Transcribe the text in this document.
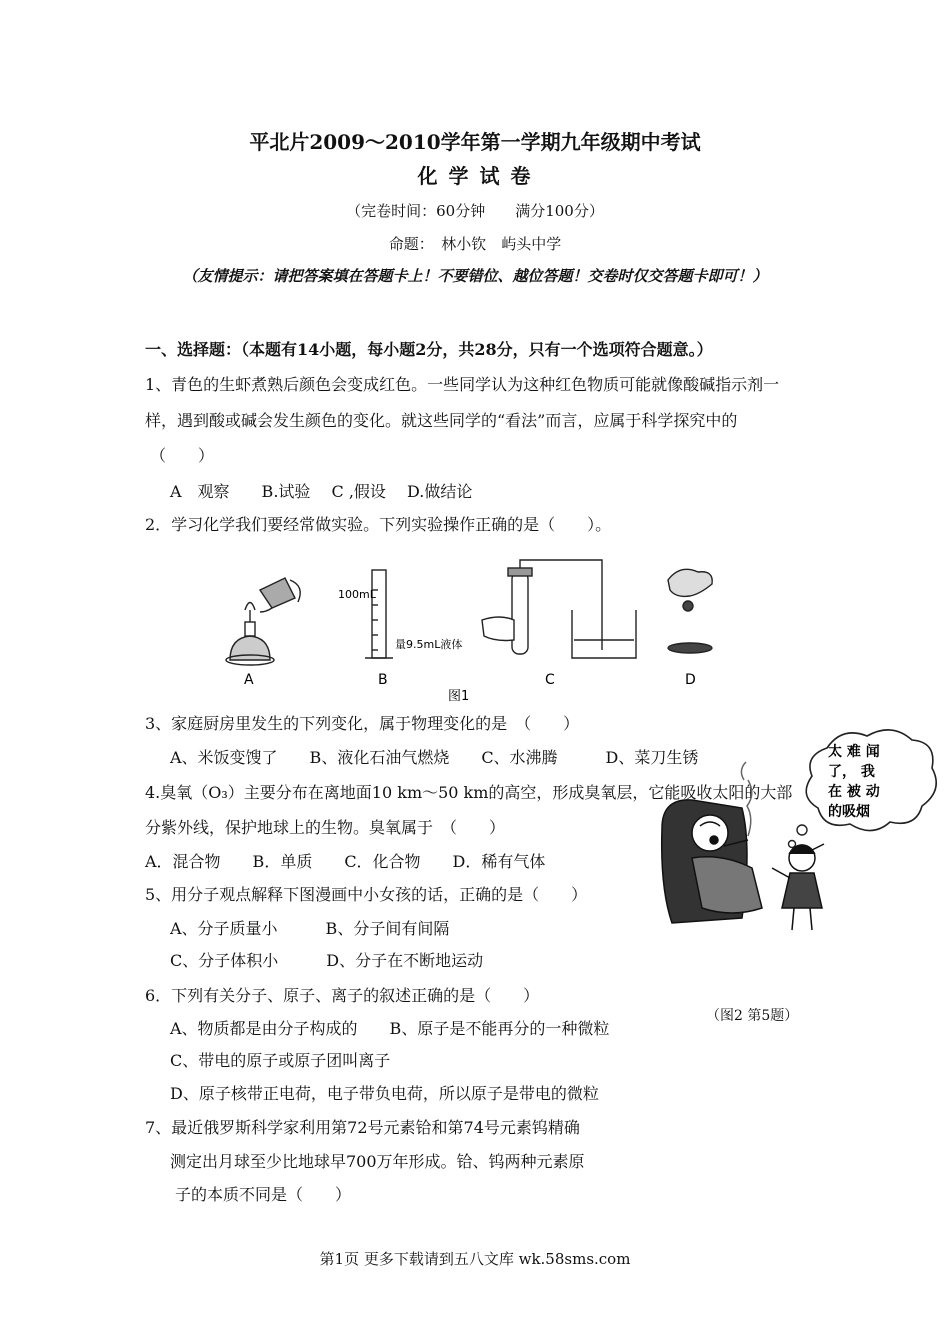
平北片2009～2010学年第一学期九年级期中考试
化 学 试 卷
（完卷时间：60分钟　　满分100分）
命题：　林小钦　屿头中学
（友情提示：请把答案填在答题卡上！不要错位、越位答题！交卷时仅交答题卡即可！）
一、选择题：（本题有14小题，每小题2分，共28分，只有一个选项符合题意。）
1、青色的生虾煮熟后颜色会变成红色。一些同学认为这种红色物质可能就像酸碱指示剂一
样，遇到酸或碱会发生颜色的变化。就这些同学的“看法”而言，应属于科学探究中的
（　　）
A　观察　　B.试验　 C ,假设　 D.做结论
2．学习化学我们要经常做实验。下列实验操作正确的是（　　）。
A
100mL
量9.5mL液体
B	C	D
图1
3、家庭厨房里发生的下列变化，属于物理变化的是　（　　）
A、米饭变馊了　　B、液化石油气燃烧　　C、水沸腾　　　D、菜刀生锈
4.臭氧（O₃）主要分布在离地面10 km～50 km的高空，形成臭氧层，它能吸收太阳的大部
分紫外线，保护地球上的生物。臭氧属于　（　　）
A．混合物　　B．单质　　C．化合物　　D．稀有气体
5、用分子观点解释下图漫画中小女孩的话，正确的是（　　）
A、分子质量小　　　B、分子间有间隔
C、分子体积小　　　D、分子在不断地运动
太 难 闻
了， 我
在 被 动
的吸烟
（图2 第5题）
6．下列有关分子、原子、离子的叙述正确的是（　　）
A、物质都是由分子构成的　　B、原子是不能再分的一种微粒
C、带电的原子或原子团叫离子
D、原子核带正电荷，电子带负电荷，所以原子是带电的微粒
7、最近俄罗斯科学家利用第72号元素铪和第74号元素钨精确
测定出月球至少比地球早700万年形成。铪、钨两种元素原
子的本质不同是（　　）
第1页 更多下载请到五八文库 wk.58sms.com
